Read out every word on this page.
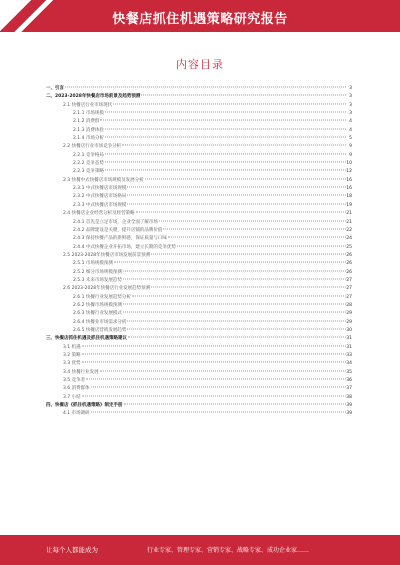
快餐店抓住机遇策略研究报告
内容目录
一、引言	3
二、2023-2028年快餐店市场前景及趋势预测	3
2.1 快餐店行业市场现状	3
2.1.1 市场规模	3
2.1.2 消费群	4
2.1.3 消费体验	4
2.1.4 市场分析	5
2.2 快餐店行业市场竞争分析	9
2.2.1 竞争格局	9
2.2.2 竞争态势	10
2.2.3 竞争策略	12
2.3 快餐中式快餐店市场规模及发展分析	16
2.3.1 中式快餐店市场规模	16
2.3.2 中式快餐店市场格局	18
2.3.3 中式快餐店市场规模	19
2.4 快餐店企业经营分析及经营策略	21
2.4.1 首先是立足市场，企业全面了解市场	21
2.4.2 品牌建设是关键，提升店铺的品牌价值	22
2.4.3 保持快餐产品的新鲜感，保证质量与口味	24
2.4.4 中式快餐企业开拓市场，建立长期的竞争优势	25
2.5 2023-2028年快餐店市场发展前景预测	26
2.5.1 市场规模预测	26
2.5.2 细分市场规模预测	26
2.5.3 未来市场发展趋势	27
2.6 2023-2028年快餐店行业发展趋势预测	27
2.6.1 快餐行业发展趋势分析	27
2.6.2 快餐市场规模预测	28
2.6.3 快餐行业发展模式	29
2.6.4 快餐业市场需求分析	29
2.6.5 快餐店营销发展趋势	30
三、快餐店抓住机遇及抓住机遇策略建议	31
3.1 机遇	31
3.2 策略	33
3.3 优势	34
3.4 快餐行业发展	35
3.5 竞争者	36
3.6 消费群体	37
3.7 小结	38
四、快餐店《抓住机遇策略》制定手册	39
4.1 市场调研	39
让每个人都能成为	行业专家、管理专家、营销专家、战略专家、成功企业家……
